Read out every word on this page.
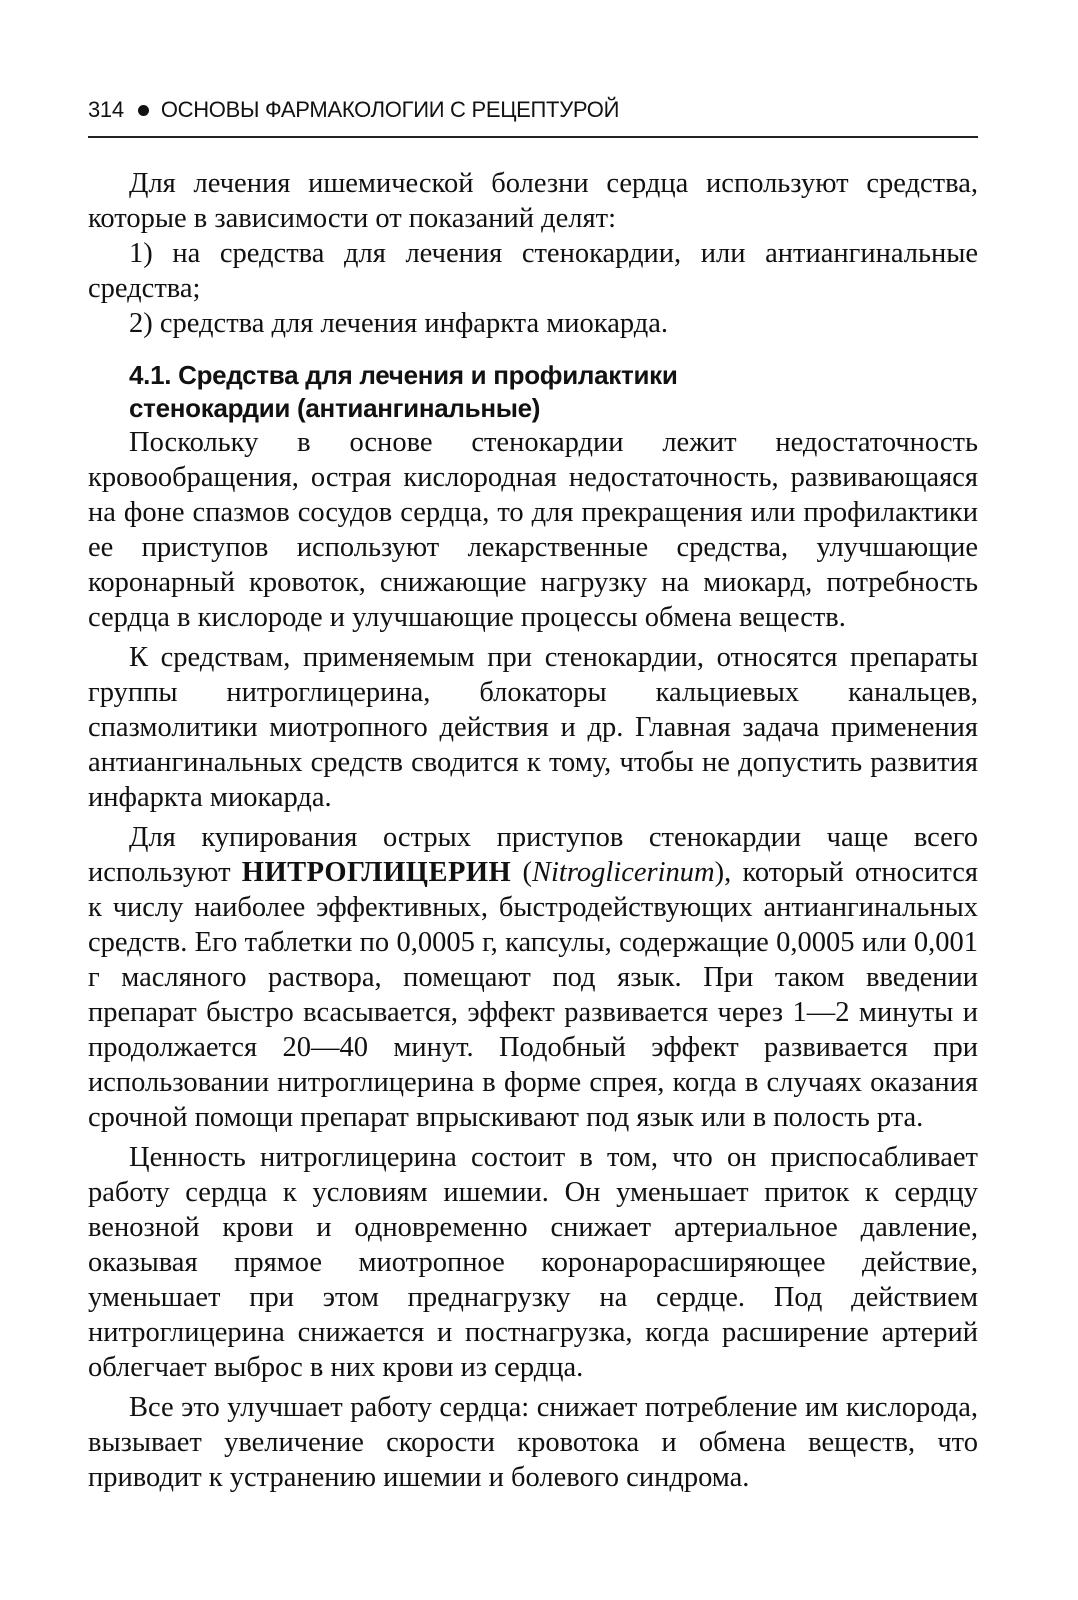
314 ОСНОВЫ ФАРМАКОЛОГИИ С РЕЦЕПТУРОЙ

Для лечения ишемической болезни сердца используют средства, которые в зависимости от показаний делят:

1) на средства для лечения стенокардии, или антиангинальные средства;

2) средства для лечения инфаркта миокарда.

4.1. Средства для лечения и профилактики
стенокардии (антиангинальные)

Поскольку в основе стенокардии лежит недостаточность кровообращения, острая кислородная недостаточность, развивающаяся на фоне спазмов сосудов сердца, то для прекращения или профилактики ее приступов используют лекарственные средства, улучшающие коронарный кровоток, снижающие нагрузку на миокард, потребность сердца в кислороде и улучшающие процессы обмена веществ.

К средствам, применяемым при стенокардии, относятся препараты группы нитроглицерина, блокаторы кальциевых канальцев, спазмолитики миотропного действия и др. Главная задача применения антиангинальных средств сводится к тому, чтобы не допустить развития инфаркта миокарда.

Для купирования острых приступов стенокардии чаще всего используют НИТРОГЛИЦЕРИН (Nitroglicerinum), который относится к числу наиболее эффективных, быстродействующих антиангинальных средств. Его таблетки по 0,0005 г, капсулы, содержащие 0,0005 или 0,001 г масляного раствора, помещают под язык. При таком введении препарат быстро всасывается, эффект развивается через 1—2 минуты и продолжается 20—40 минут. Подобный эффект развивается при использовании нитроглицерина в форме спрея, когда в случаях оказания срочной помощи препарат впрыскивают под язык или в полость рта.

Ценность нитроглицерина состоит в том, что он приспосабливает работу сердца к условиям ишемии. Он уменьшает приток к сердцу венозной крови и одновременно снижает артериальное давление, оказывая прямое миотропное коронарорасширяющее действие, уменьшает при этом преднагрузку на сердце. Под действием нитроглицерина снижается и постнагрузка, когда расширение артерий облегчает выброс в них крови из сердца.

Все это улучшает работу сердца: снижает потребление им кислорода, вызывает увеличение скорости кровотока и обмена веществ, что приводит к устранению ишемии и болевого синдрома.
